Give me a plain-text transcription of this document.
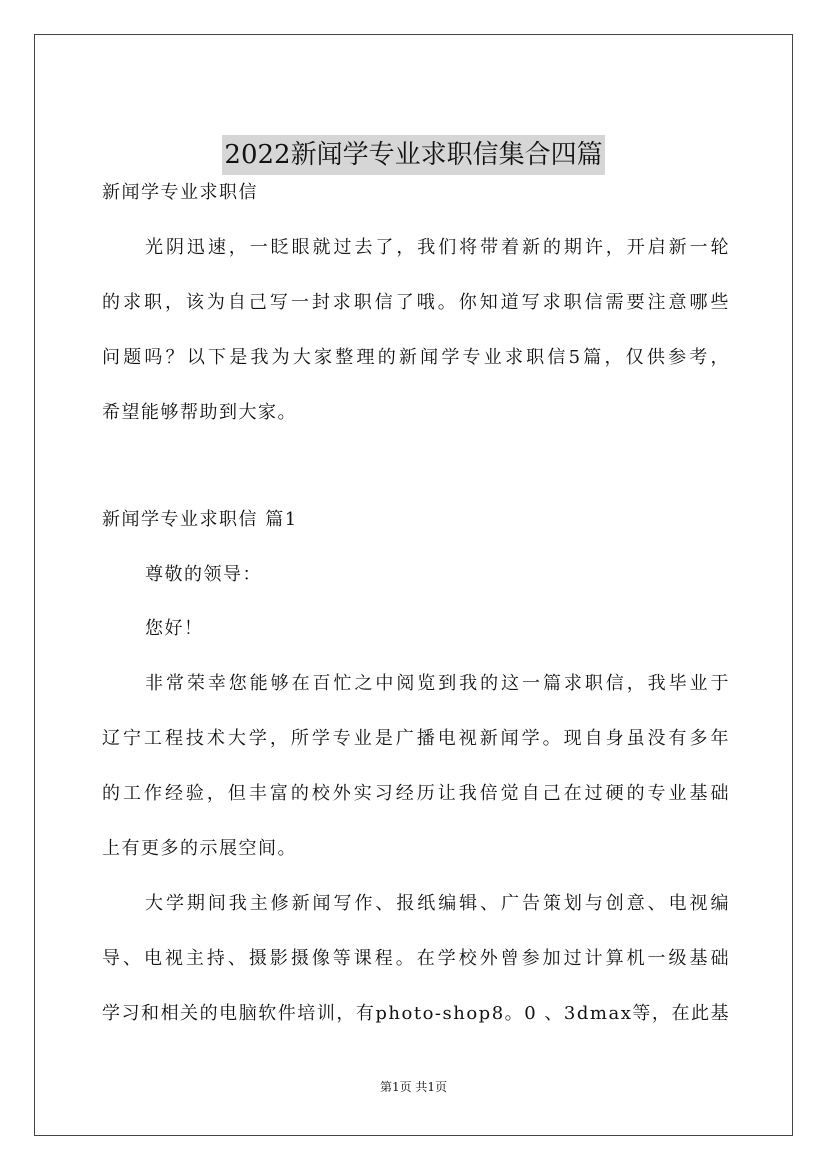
2022新闻学专业求职信集合四篇
新闻学专业求职信
光阴迅速，一眨眼就过去了，我们将带着新的期许，开启新一轮
的求职，该为自己写一封求职信了哦。你知道写求职信需要注意哪些
问题吗？以下是我为大家整理的新闻学专业求职信5篇，仅供参考，
希望能够帮助到大家。
新闻学专业求职信 篇1
尊敬的领导：
您好！
非常荣幸您能够在百忙之中阅览到我的这一篇求职信，我毕业于
辽宁工程技术大学，所学专业是广播电视新闻学。现自身虽没有多年
的工作经验，但丰富的校外实习经历让我倍觉自己在过硬的专业基础
上有更多的示展空间。
大学期间我主修新闻写作、报纸编辑、广告策划与创意、电视编
导、电视主持、摄影摄像等课程。在学校外曾参加过计算机一级基础
学习和相关的电脑软件培训，有photo-shop8。0 、3dmax等，在此基
第1页 共1页
